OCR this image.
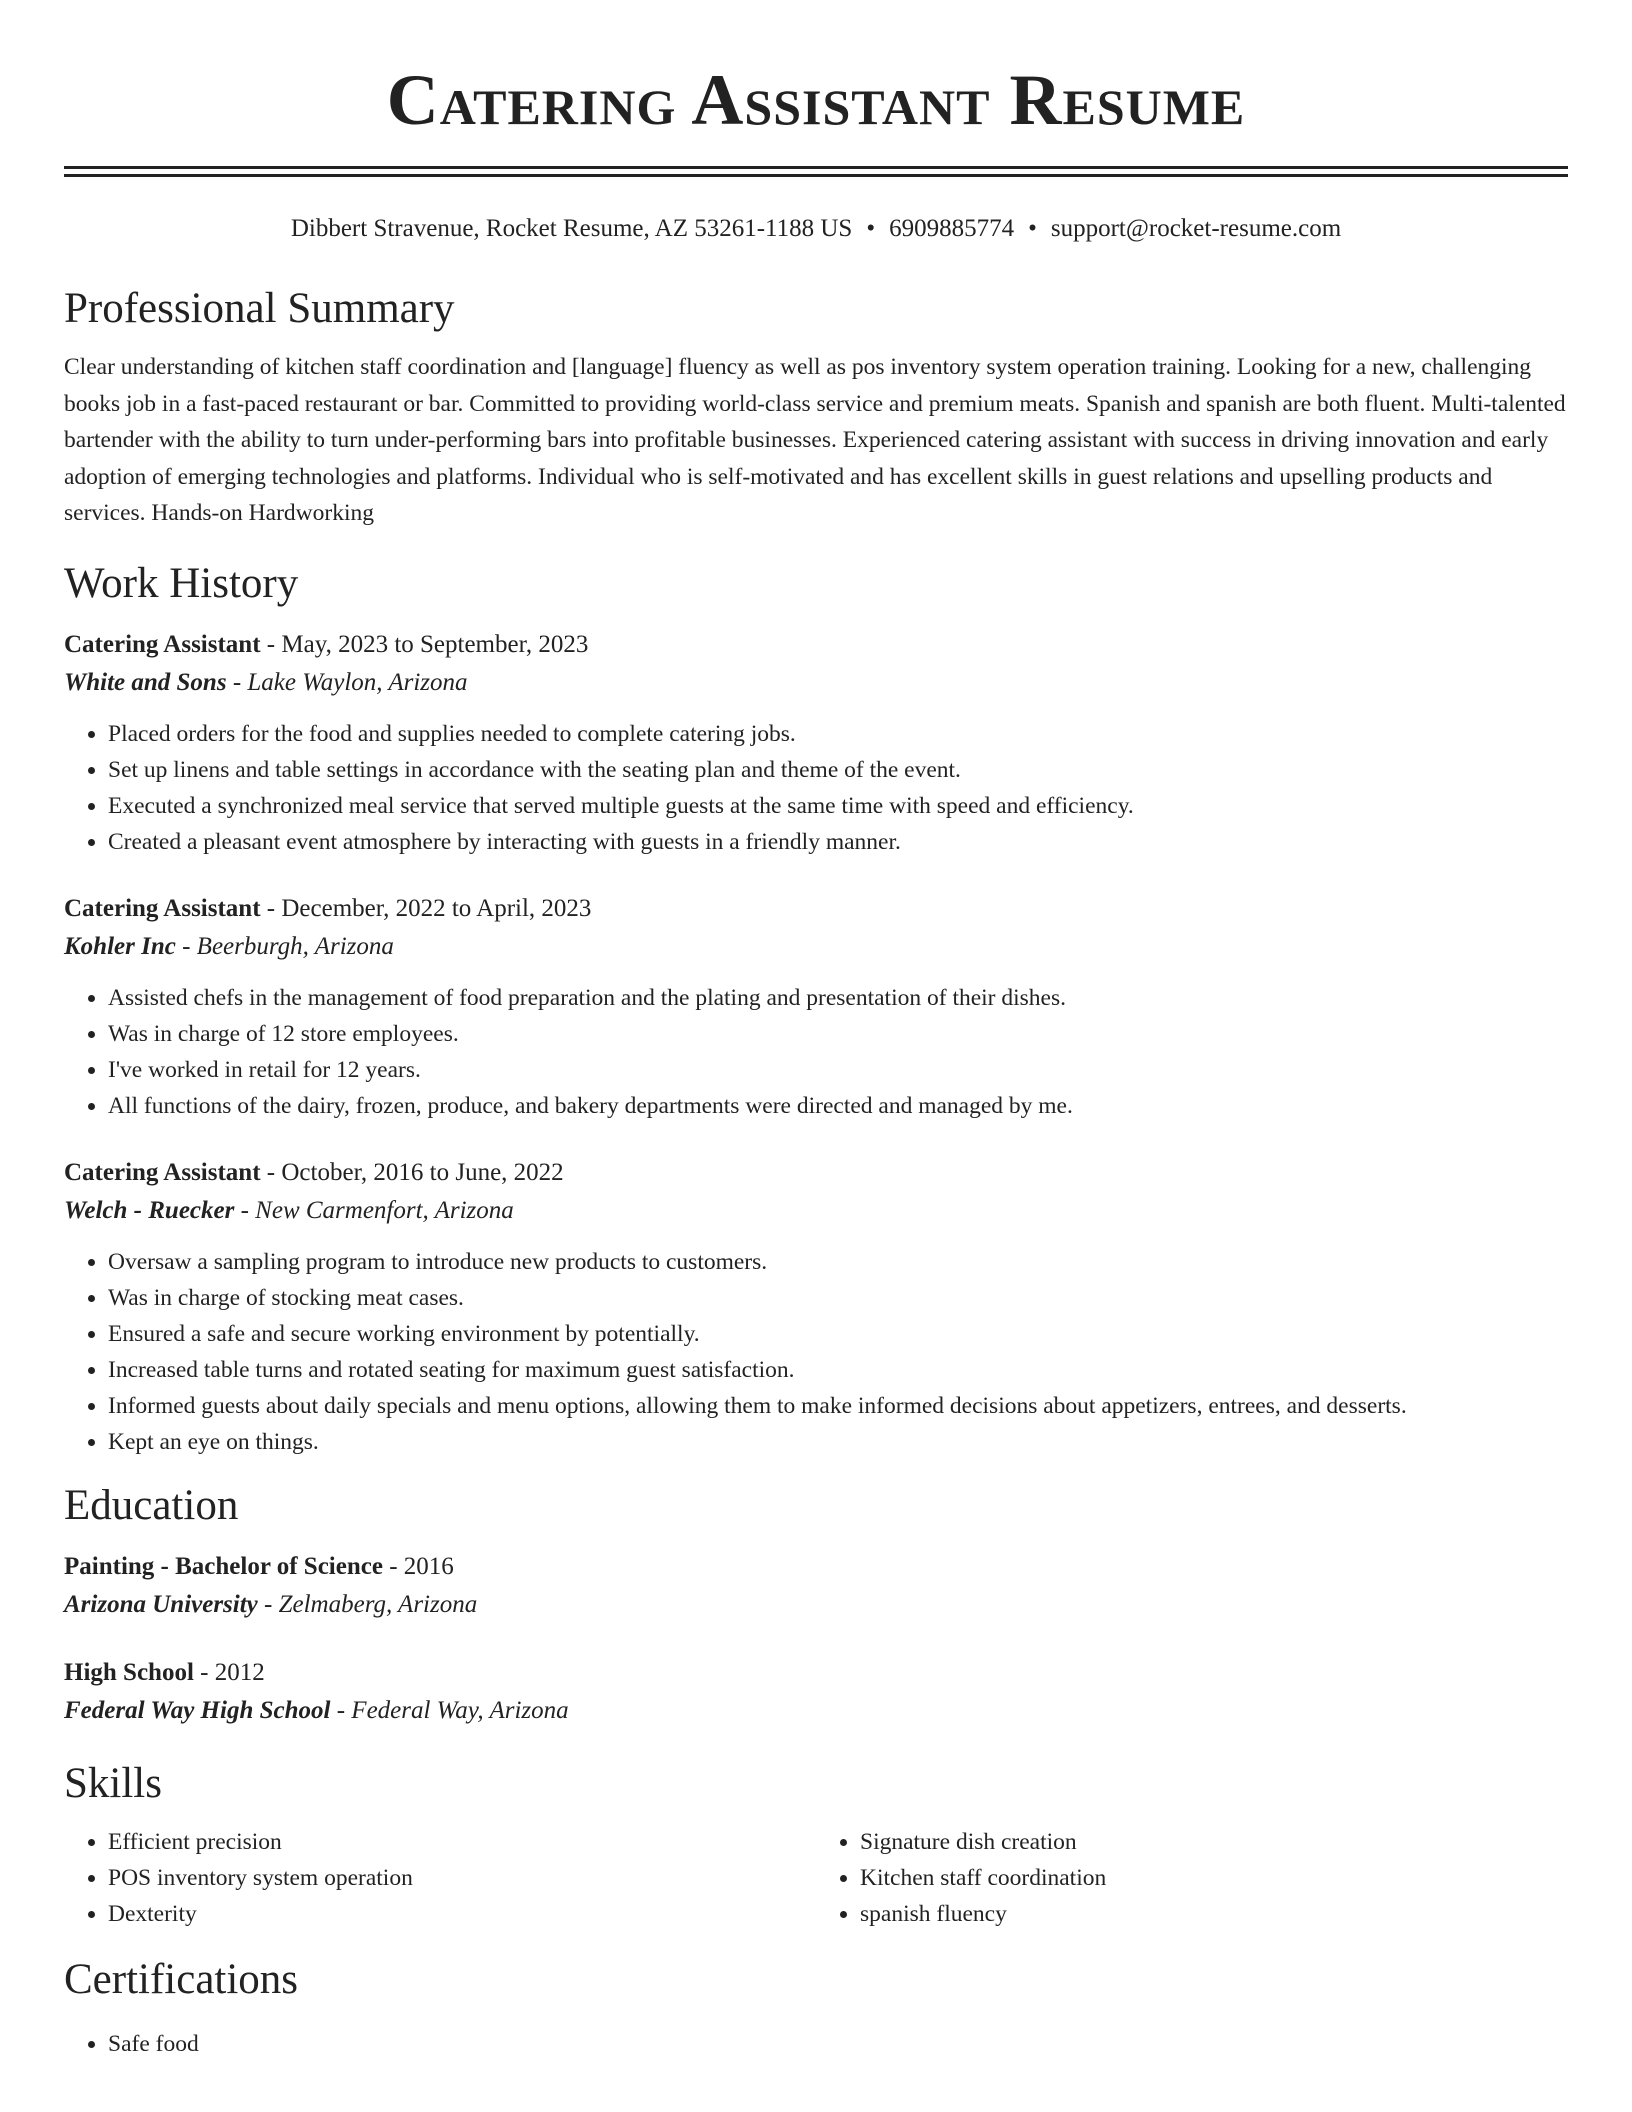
Catering Assistant Resume
Dibbert Stravenue, Rocket Resume, AZ 53261-1188 US • 6909885774 • support@rocket-resume.com
Professional Summary

Clear understanding of kitchen staff coordination and [language] fluency as well as pos inventory system operation training. Looking for a new, challenging books job in a fast-paced restaurant or bar. Committed to providing world-class service and premium meats. Spanish and spanish are both fluent. Multi-talented bartender with the ability to turn under-performing bars into profitable businesses. Experienced catering assistant with success in driving innovation and early adoption of emerging technologies and platforms. Individual who is self-motivated and has excellent skills in guest relations and upselling products and services. Hands-on Hardworking

Work History
Catering Assistant - May, 2023 to September, 2023
White and Sons - Lake Waylon, Arizona
• Placed orders for the food and supplies needed to complete catering jobs.
• Set up linens and table settings in accordance with the seating plan and theme of the event.
• Executed a synchronized meal service that served multiple guests at the same time with speed and efficiency.
• Created a pleasant event atmosphere by interacting with guests in a friendly manner.
Catering Assistant - December, 2022 to April, 2023
Kohler Inc - Beerburgh, Arizona
• Assisted chefs in the management of food preparation and the plating and presentation of their dishes.
• Was in charge of 12 store employees.
• I've worked in retail for 12 years.
• All functions of the dairy, frozen, produce, and bakery departments were directed and managed by me.
Catering Assistant - October, 2016 to June, 2022
Welch - Ruecker - New Carmenfort, Arizona
• Oversaw a sampling program to introduce new products to customers.
• Was in charge of stocking meat cases.
• Ensured a safe and secure working environment by potentially.
• Increased table turns and rotated seating for maximum guest satisfaction.
• Informed guests about daily specials and menu options, allowing them to make informed decisions about appetizers, entrees, and desserts.
• Kept an eye on things.
Education
Painting - Bachelor of Science - 2016
Arizona University - Zelmaberg, Arizona
High School - 2012
Federal Way High School - Federal Way, Arizona
Skills
• Efficient precision
• POS inventory system operation
• Dexterity
• Signature dish creation
• Kitchen staff coordination
• spanish fluency
Certifications
• Safe food
